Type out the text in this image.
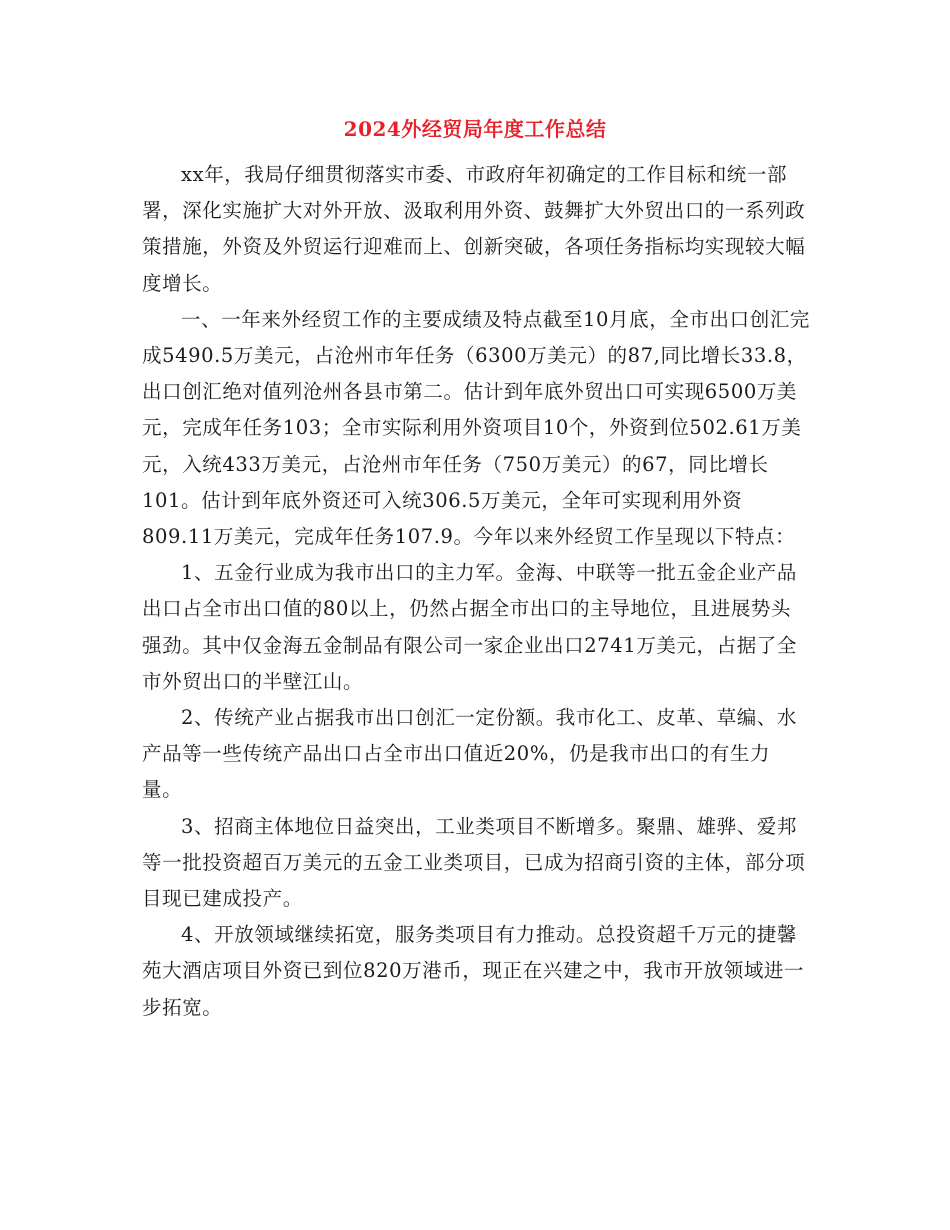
2024外经贸局年度工作总结

xx年，我局仔细贯彻落实市委、市政府年初确定的工作目标和统一部署，深化实施扩大对外开放、汲取利用外资、鼓舞扩大外贸出口的一系列政策措施，外资及外贸运行迎难而上、创新突破，各项任务指标均实现较大幅度增长。

一、一年来外经贸工作的主要成绩及特点截至10月底，全市出口创汇完成5490.5万美元，占沧州市年任务（6300万美元）的87,同比增长33.8，出口创汇绝对值列沧州各县市第二。估计到年底外贸出口可实现6500万美元，完成年任务103；全市实际利用外资项目10个，外资到位502.61万美元，入统433万美元，占沧州市年任务（750万美元）的67，同比增长101。估计到年底外资还可入统306.5万美元，全年可实现利用外资809.11万美元，完成年任务107.9。今年以来外经贸工作呈现以下特点：

1、五金行业成为我市出口的主力军。金海、中联等一批五金企业产品出口占全市出口值的80以上，仍然占据全市出口的主导地位，且进展势头强劲。其中仅金海五金制品有限公司一家企业出口2741万美元，占据了全市外贸出口的半壁江山。

2、传统产业占据我市出口创汇一定份额。我市化工、皮革、草编、水产品等一些传统产品出口占全市出口值近20%，仍是我市出口的有生力量。

3、招商主体地位日益突出，工业类项目不断增多。聚鼎、雄骅、爱邦等一批投资超百万美元的五金工业类项目，已成为招商引资的主体，部分项目现已建成投产。

4、开放领域继续拓宽，服务类项目有力推动。总投资超千万元的捷馨苑大酒店项目外资已到位820万港币，现正在兴建之中，我市开放领域进一步拓宽。
